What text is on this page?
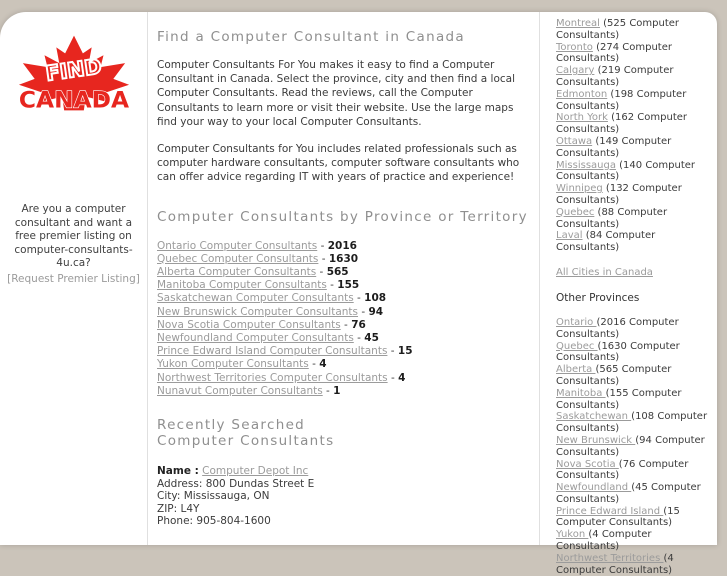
FIND
CANADA
Are you a computer consultant and want a free premier listing on computer-consultants-4u.ca?
[Request Premier Listing]
Find a Computer Consultant in Canada

Computer Consultants For You makes it easy to find a Computer Consultant in Canada. Select the province, city and then find a local Computer Consultants. Read the reviews, call the Computer Consultants to learn more or visit their website. Use the large maps find your way to your local Computer Consultants.

Computer Consultants for You includes related professionals such as computer hardware consultants, computer software consultants who can offer advice regarding IT with years of practice and experience!

Computer Consultants by Province or Territory
Ontario Computer Consultants - 2016
Quebec Computer Consultants - 1630
Alberta Computer Consultants - 565
Manitoba Computer Consultants - 155
Saskatchewan Computer Consultants - 108
New Brunswick Computer Consultants - 94
Nova Scotia Computer Consultants - 76
Newfoundland Computer Consultants - 45
Prince Edward Island Computer Consultants - 15
Yukon Computer Consultants - 4
Northwest Territories Computer Consultants - 4
Nunavut Computer Consultants - 1
Recently Searched
Computer Consultants
Name : Computer Depot Inc
Address: 800 Dundas Street E
City: Mississauga, ON
ZIP: L4Y
Phone: 905-804-1600
Montreal (525 Computer Consultants)
Toronto (274 Computer Consultants)
Calgary (219 Computer Consultants)
Edmonton (198 Computer Consultants)
North York (162 Computer Consultants)
Ottawa (149 Computer Consultants)
Mississauga (140 Computer Consultants)
Winnipeg (132 Computer Consultants)
Quebec (88 Computer Consultants)
Laval (84 Computer Consultants)
All Cities in Canada
Other Provinces
Ontario (2016 Computer Consultants)
Quebec (1630 Computer Consultants)
Alberta (565 Computer Consultants)
Manitoba (155 Computer Consultants)
Saskatchewan (108 Computer Consultants)
New Brunswick (94 Computer Consultants)
Nova Scotia (76 Computer Consultants)
Newfoundland (45 Computer Consultants)
Prince Edward Island (15 Computer Consultants)
Yukon (4 Computer Consultants)
Northwest Territories (4 Computer Consultants)
